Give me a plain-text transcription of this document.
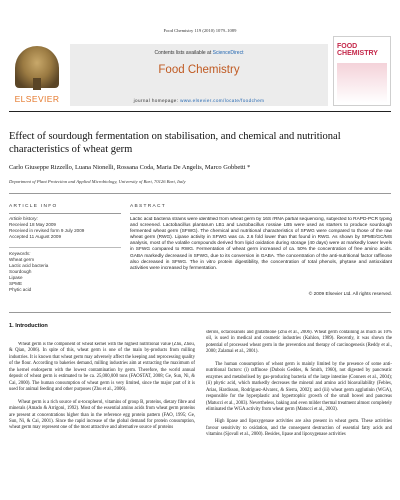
Food Chemistry 119 (2010) 1079–1089
ELSEVIER
Contents lists available at ScienceDirect
Food Chemistry
journal homepage: www.elsevier.com/locate/foodchem
FOOD CHEMISTRY
Effect of sourdough fermentation on stabilisation, and chemical and nutritional characteristics of wheat germ
Carlo Giuseppe Rizzello, Luana Nionelli, Rossana Coda, Maria De Angelis, Marco Gobbetti *
Department of Plant Protection and Applied Microbiology, University of Bari, 70126 Bari, Italy
ARTICLE INFO	ABSTRACT
Article history:
Received 18 May 2009
Received in revised form 9 July 2009
Accepted 11 August 2009
Keywords:
Wheat germ
Lactic acid bacteria
Sourdough
Lipase
SPME
Phytic acid
Lactic acid bacteria strains were identified from wheat germ by 16S rRNA partial sequencing, subjected to RAPD-PCR typing and screened. Lactobacillus plantarum LB1 and Lactobacillus rossiae LB5 were used as starters to produce sourdough fermented wheat germ (SFWG). The chemical and nutritional characteristics of SFWG were compared to those of the raw wheat germ (RWG). Lipase activity in SFWG was ca. 2.6 fold lower than that found in RWG. As shown by SPME/GC/MS analysis, most of the volatile compounds derived from lipid oxidation during storage (40 days) were at markedly lower levels in SFWG compared to RWG. Fermentation of wheat germ increased of ca. 50% the concentration of free amino acids. GABA markedly decreased in SFWG, due to its conversion in GABA. The concentration of the anti-nutritional factor raffinose also decreased in SFWG. The in vitro protein digestibility, the concentration of total phenols, phytase and antioxidant activities were increased by fermentation.
© 2009 Elsevier Ltd. All rights reserved.
1. Introduction

Wheat germ is the component of wheat kernel with the highest nutritional value (Zhu, Zhou, & Qian, 2006). In spite of this, wheat germ is one of the main by-products from milling industries. It is known that wheat germ may adversely affect the keeping and reprocessing quality of the flour. According to bakeries demand, milling industries aim at extracting the maximum of the kernel endosperm with the lowest contamination by germ. Therefore, the world annual deposit of wheat germ is estimated to be ca. 25,000,000 tons (FAOSTAT, 2008; Ge, Sun, Ni, & Cai, 2000). The human consumption of wheat germ is very limited, since the major part of it is used for animal feeding and other purposes (Zhu et al., 2006).

Wheat germ is a rich source of α-tocopherol, vitamins of group B, proteins, dietary fibre and minerals (Amado & Arrigoni, 1992). Most of the essential amino acids from wheat germ proteins are present at concentrations higher than in the reference egg protein pattern (FAO, 1995; Ge, Sun, Ni, & Cai, 2001). Since the rapid increase of the global demand for protein consumption, wheat germ may represent one of the most attractive and alternative source of proteins

sterols, octacosanols and glutathione (Zhu et al., 2006). Wheat germ containing as much as 10% oil, is used in medical and cosmetic industries (Kahlon, 1989). Recently, it was shown the potential of processed wheat germ in the prevention and therapy of carcinogenesis (Reddy et al., 2000; Zalatnai et al., 2001).

The human consumption of wheat germ is mainly limited by the presence of some anti-nutritional factors: (i) raffinose (Dubois Geddes, & Smith, 1960), not digested by pancreatic enzymes and metabolised by gas-producing bacteria of the large intestine (Conners et al., 2004); (ii) phytic acid, which markedly decreases the mineral and amino acid bioavailability (Febles, Arias, Hardisson, Rodríguez-Alvarez, & Sierra, 2002); and (iii) wheat germ agglutinin (WGA), responsible for the hyperplastic and hypertrophic growth of the small bowel and pancreas (Matucci et al., 2003). Nevertheless, baking and even milder thermal treatment almost completely eliminated the WGA activity from wheat germ (Matucci et al., 2003).

High lipase and lipoxygenase activities are also present in wheat germ. These activities favour sensitivity to oxidation, and the consequent destruction of essential fatty acids and vitamins (Sjovall et al., 2000). Besides, lipase and lipoxygenase activities
